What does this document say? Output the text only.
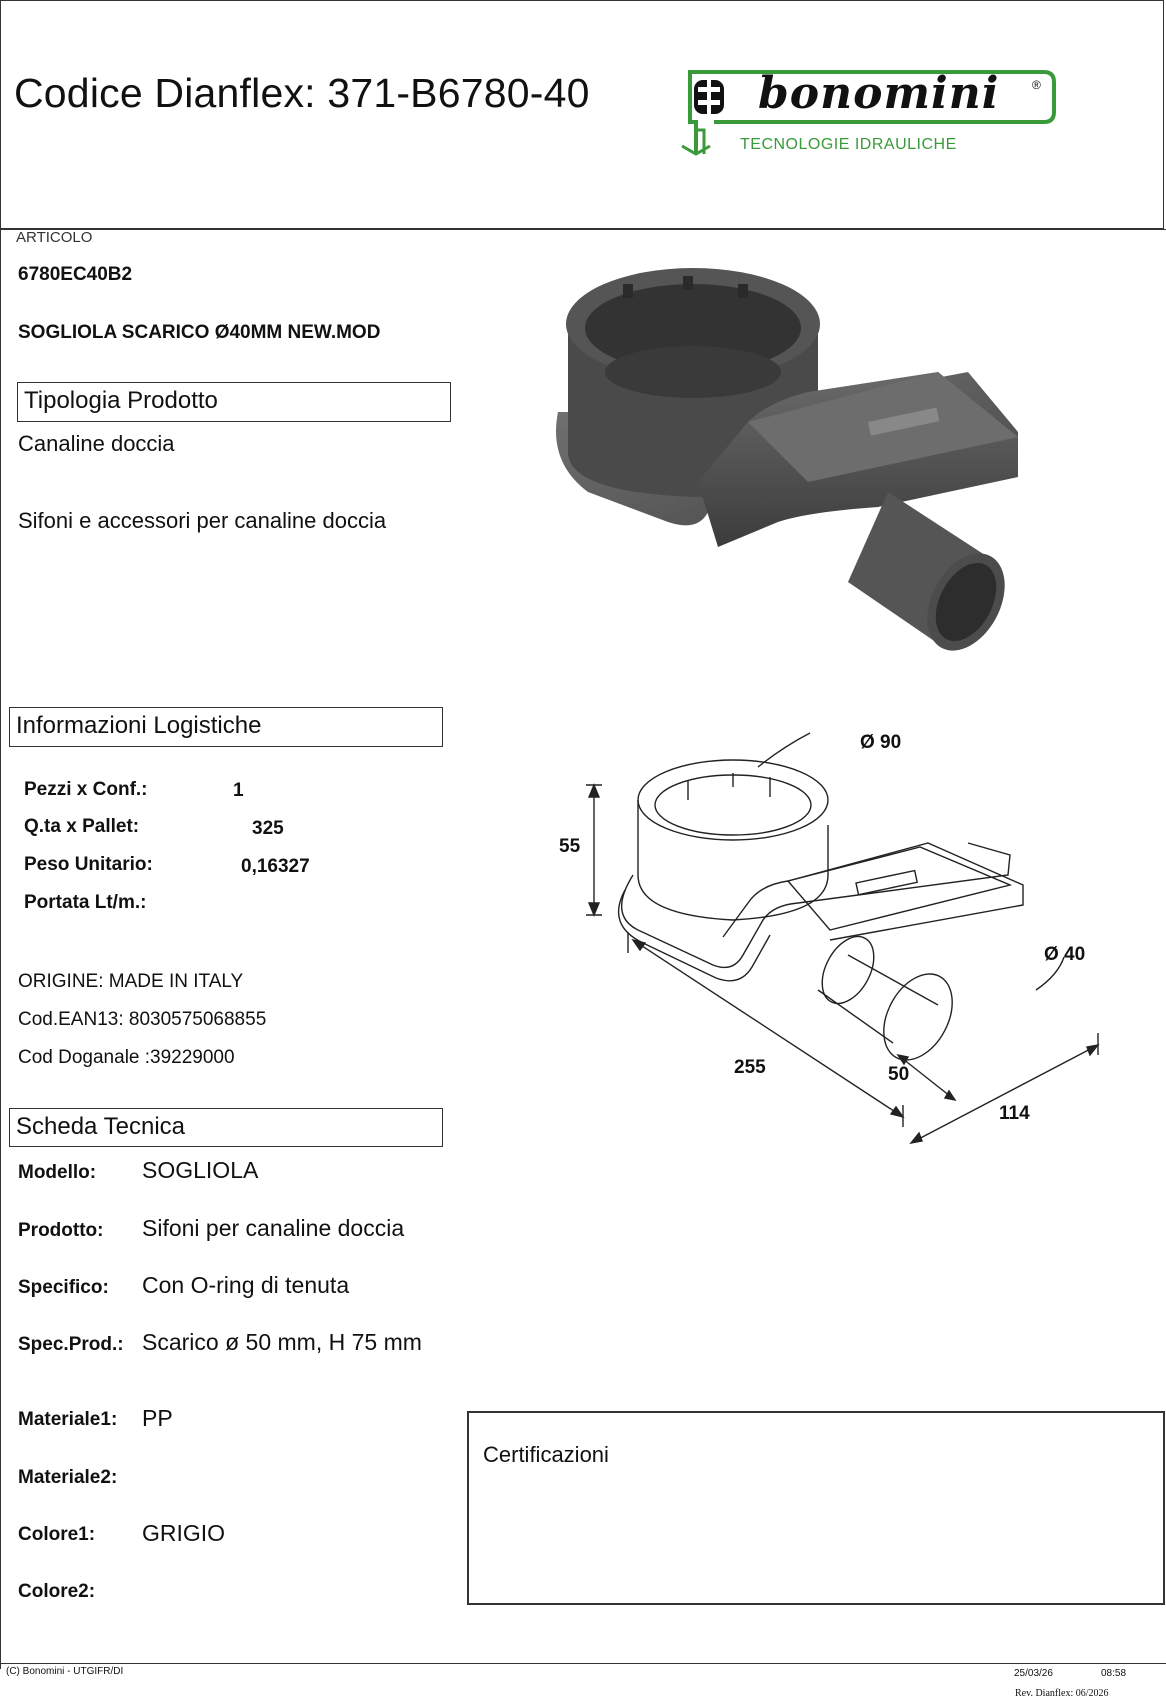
Codice Dianflex: 371-B6780-40	bonomini	®
TECNOLOGIE IDRAULICHE
ARTICOLO
6780EC40B2
SOGLIOLA SCARICO Ø40MM NEW.MOD
Tipologia Prodotto
Canaline doccia
Sifoni e accessori per canaline doccia
Informazioni Logistiche
Pezzi x Conf.:	1
Q.ta x Pallet:	325
Peso Unitario:	0,16327
Portata Lt/m.:
ORIGINE: MADE IN ITALY
Cod.EAN13: 8030575068855
Cod Doganale :39229000
Ø 90
55
Ø 40
255	50
114
Scheda Tecnica
Modello: SOGLIOLA
Prodotto: Sifoni per canaline doccia
Specifico: Con O-ring di tenuta
Spec.Prod.: Scarico ø 50 mm, H 75 mm
Materiale1: PP
Materiale2:
Colore1: GRIGIO
Colore2:
Certificazioni
(C) Bonomini - UTGIFR/DI	25/03/26	08:58
Rev. Dianflex: 06/2026
